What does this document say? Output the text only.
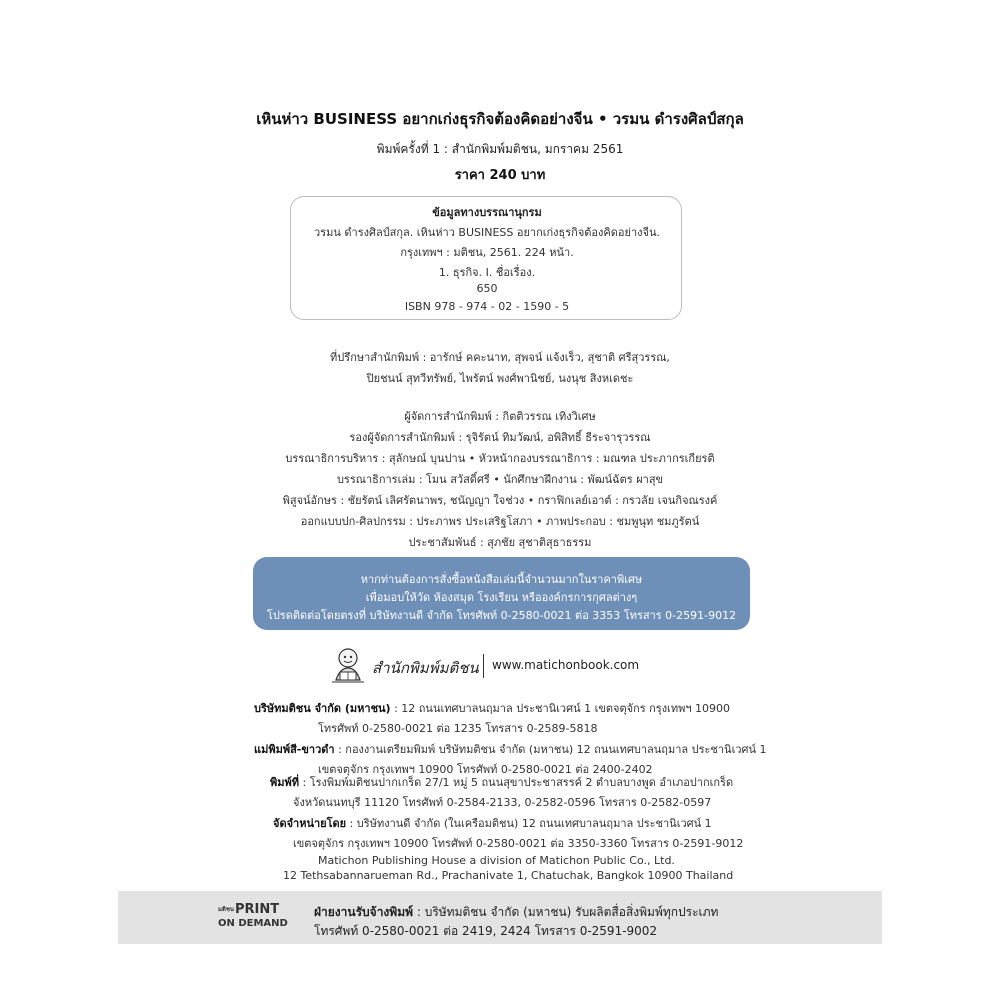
เหินห่าว BUSINESS อยากเก่งธุรกิจต้องคิดอย่างจีน • วรมน ดำรงศิลป์สกุล
พิมพ์ครั้งที่ 1 : สำนักพิมพ์มติชน, มกราคม 2561
ราคา 240 บาท
ข้อมูลทางบรรณานุกรม
วรมน ดำรงศิลป์สกุล. เหินห่าว BUSINESS อยากเก่งธุรกิจต้องคิดอย่างจีน.
กรุงเทพฯ : มติชน, 2561. 224 หน้า.
1. ธุรกิจ. I. ชื่อเรื่อง.
650
ISBN 978 - 974 - 02 - 1590 - 5
ที่ปรึกษาสำนักพิมพ์ : อารักษ์ คคะนาท, สุพจน์ แจ้งเร็ว, สุชาติ ศรีสุวรรณ,
ปิยชนน์ สุทวีทรัพย์, ไพรัตน์ พงศ์พานิชย์, นงนุช สิงหเดชะ
ผู้จัดการสำนักพิมพ์ : กิตติวรรณ เทิงวิเศษ
รองผู้จัดการสำนักพิมพ์ : รุจิรัตน์ ทิมวัฒน์, อพิสิทธิ์ ธีระจารุวรรณ
บรรณาธิการบริหาร : สุลักษณ์ บุนปาน • หัวหน้ากองบรรณาธิการ : มณฑล ประภากรเกียรติ
บรรณาธิการเล่ม : โมน สวัสดิ์ศรี • นักศึกษาฝึกงาน : พัฒน์ฉัตร ผาสุข
พิสูจน์อักษร : ชัยรัตน์ เลิศรัตนาพร, ชนัญญา ใจช่วง • กราฟิกเลย์เอาต์ : กรวลัย เจนกิจณรงค์
ออกแบบปก-ศิลปกรรม : ประภาพร ประเสริฐโสภา • ภาพประกอบ : ชมพูนุท ชมภูรัตน์
ประชาสัมพันธ์ : สุภชัย สุชาติสุธาธรรม
หากท่านต้องการสั่งซื้อหนังสือเล่มนี้จำนวนมากในราคาพิเศษ
เพื่อมอบให้วัด ห้องสมุด โรงเรียน หรือองค์กรการกุศลต่างๆ
โปรดติดต่อโดยตรงที่ บริษัทงานดี จำกัด โทรศัพท์ 0-2580-0021 ต่อ 3353 โทรสาร 0-2591-9012
สำนักพิมพ์มติชน www.matichonbook.com
บริษัทมติชน จำกัด (มหาชน) : 12 ถนนเทศบาลนฤมาล ประชานิเวศน์ 1 เขตจตุจักร กรุงเทพฯ 10900
โทรศัพท์ 0-2580-0021 ต่อ 1235 โทรสาร 0-2589-5818
แม่พิมพ์สี-ขาวดำ : กองงานเตรียมพิมพ์ บริษัทมติชน จำกัด (มหาชน) 12 ถนนเทศบาลนฤมาล ประชานิเวศน์ 1
เขตจตุจักร กรุงเทพฯ 10900 โทรศัพท์ 0-2580-0021 ต่อ 2400-2402
พิมพ์ที่ : โรงพิมพ์มติชนปากเกร็ด 27/1 หมู่ 5 ถนนสุขาประชาสรรค์ 2 ตำบลบางพูด อำเภอปากเกร็ด
จังหวัดนนทบุรี 11120 โทรศัพท์ 0-2584-2133, 0-2582-0596 โทรสาร 0-2582-0597
จัดจำหน่ายโดย : บริษัทงานดี จำกัด (ในเครือมติชน) 12 ถนนเทศบาลนฤมาล ประชานิเวศน์ 1
เขตจตุจักร กรุงเทพฯ 10900 โทรศัพท์ 0-2580-0021 ต่อ 3350-3360 โทรสาร 0-2591-9012
Matichon Publishing House a division of Matichon Public Co., Ltd.
12 Tethsabannarueman Rd., Prachanivate 1, Chatuchak, Bangkok 10900 Thailand
มติชน PRINT
ON DEMAND
ฝ่ายงานรับจ้างพิมพ์ : บริษัทมติชน จำกัด (มหาชน) รับผลิตสื่อสิ่งพิมพ์ทุกประเภท
โทรศัพท์ 0-2580-0021 ต่อ 2419, 2424 โทรสาร 0-2591-9002
